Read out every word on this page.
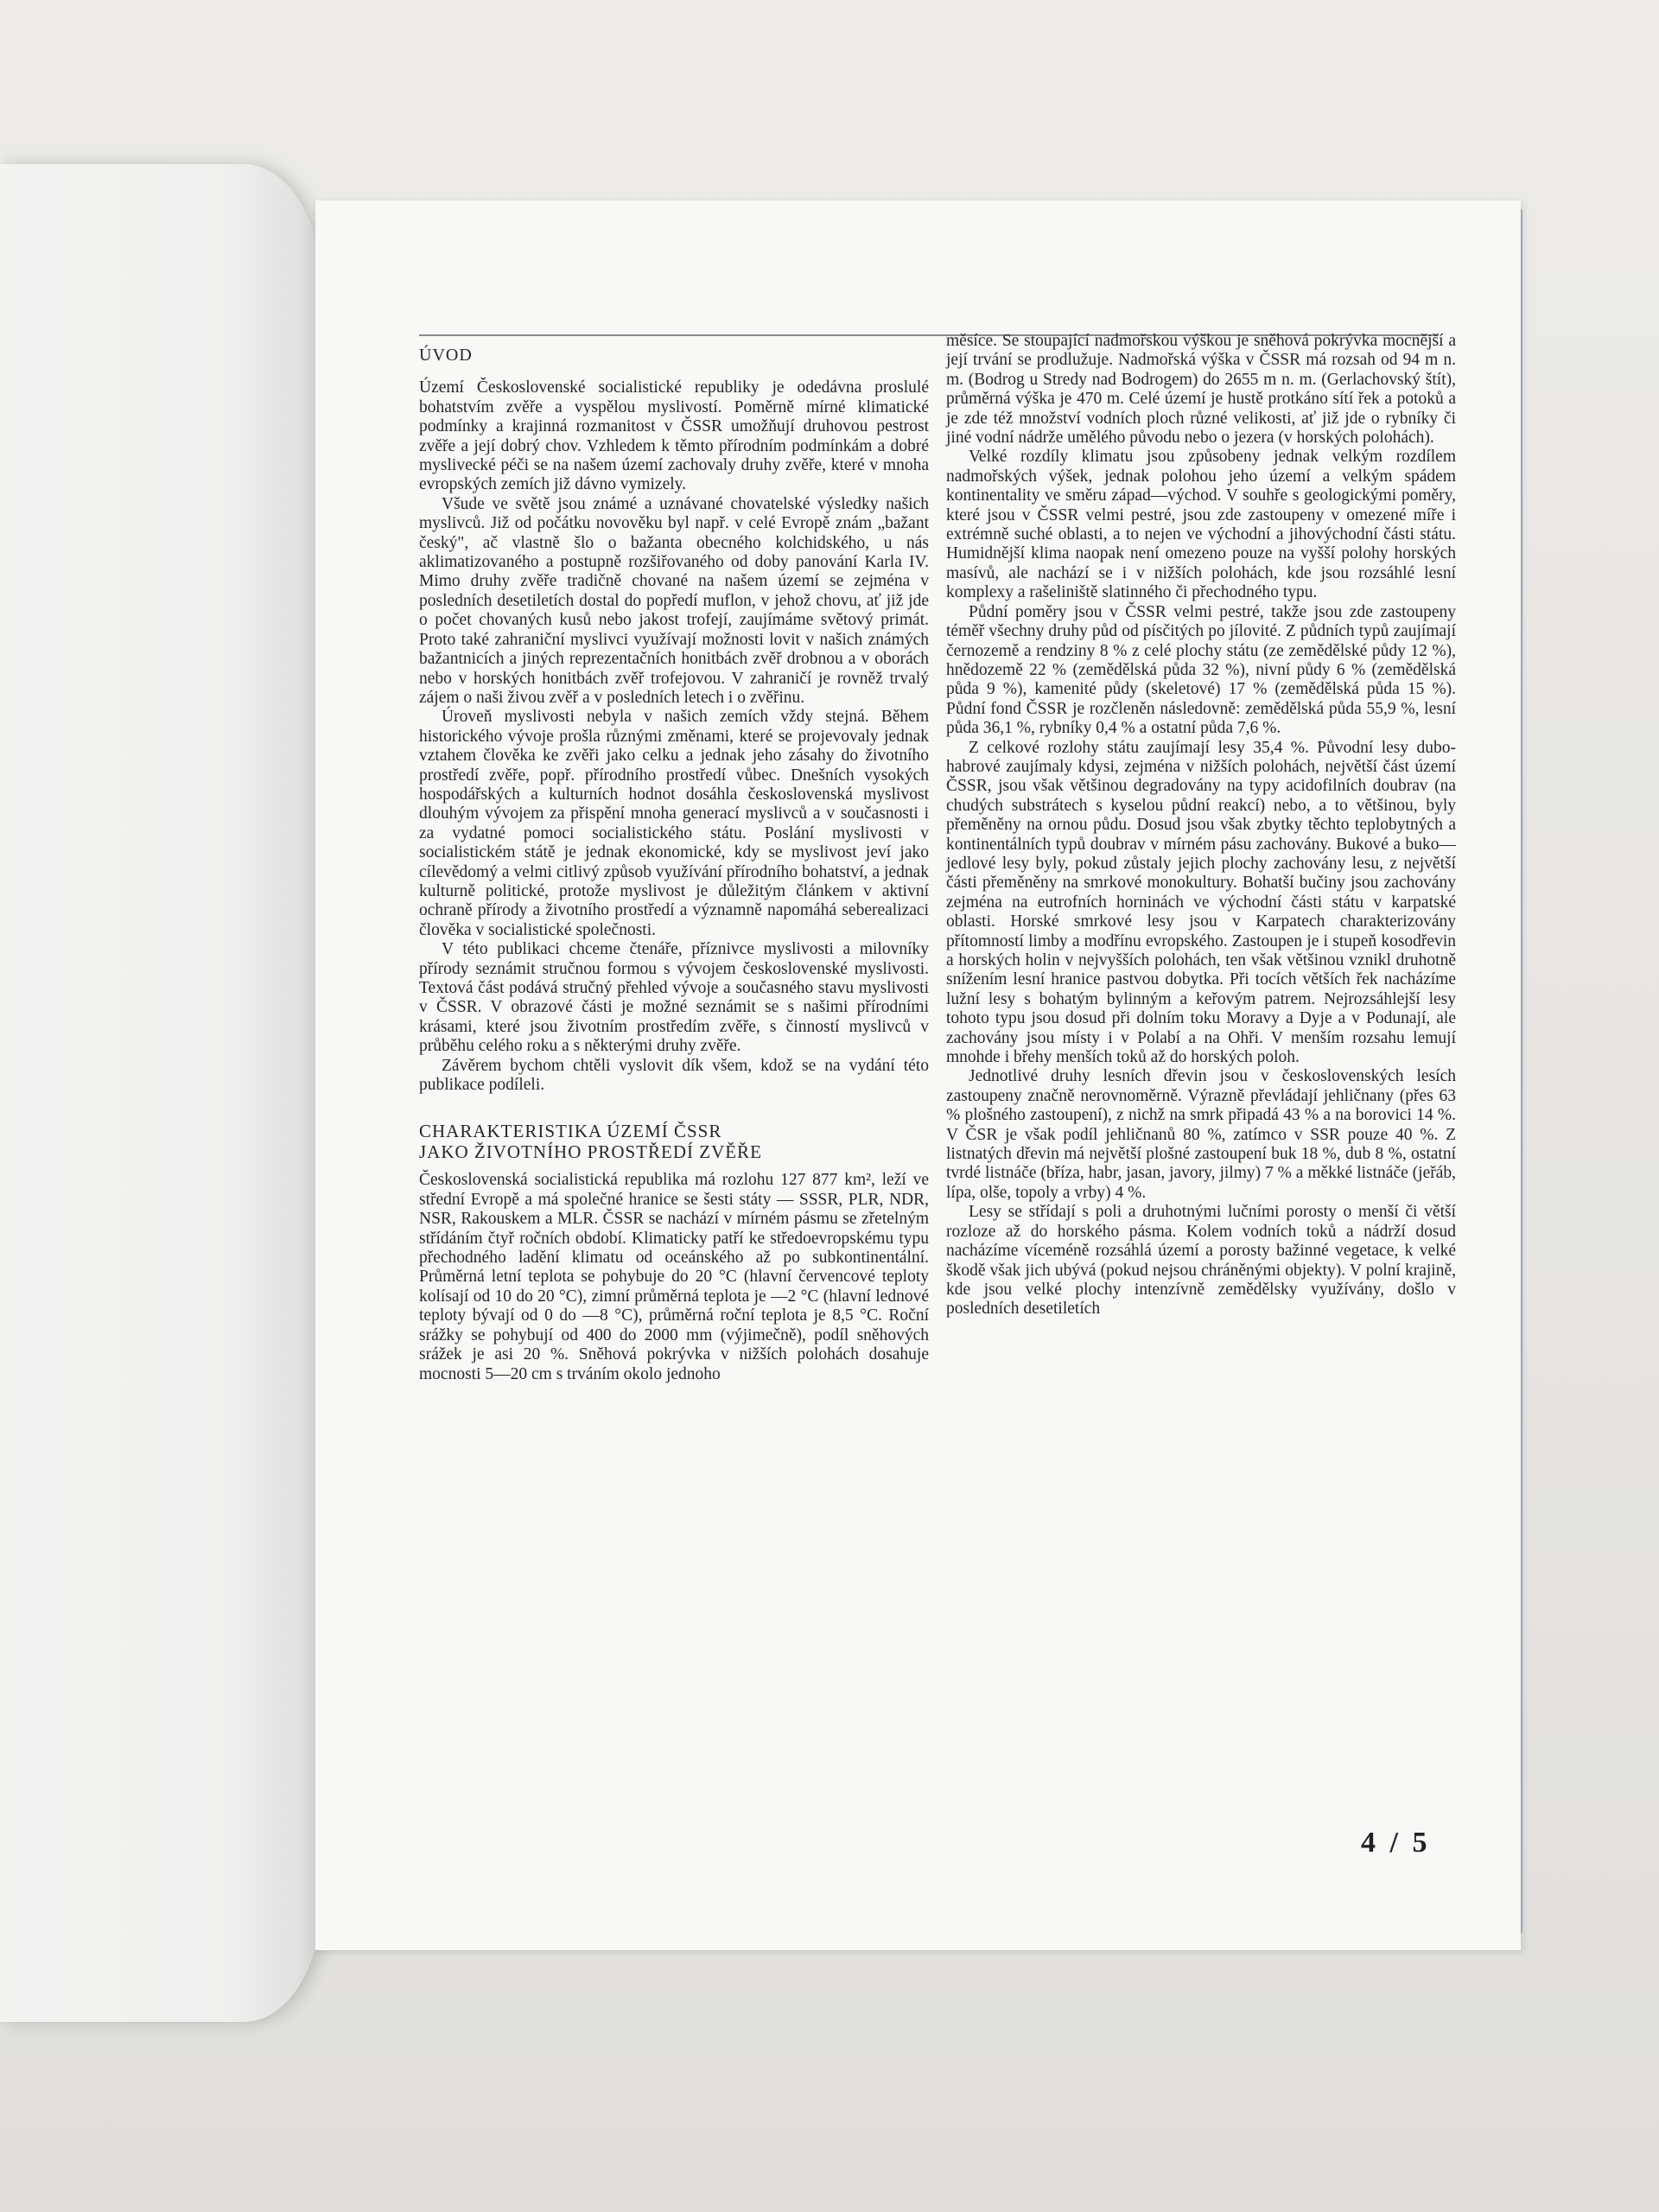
ÚVOD

Území Československé socialistické republiky je odedávna proslulé bohatstvím zvěře a vyspělou myslivostí. Poměrně mírné klimatické podmínky a krajinná rozmanitost v ČSSR umožňují druhovou pestrost zvěře a její dobrý chov. Vzhledem k těmto přírodním podmínkám a dobré myslivecké péči se na našem území zachovaly druhy zvěře, které v mnoha evropských zemích již dávno vymizely.

Všude ve světě jsou známé a uznávané chovatelské výsledky našich myslivců. Již od počátku novověku byl např. v celé Evropě znám „bažant český", ač vlastně šlo o bažanta obecného kolchidského, u nás aklimatizovaného a postupně rozšiřovaného od doby panování Karla IV. Mimo druhy zvěře tradičně chované na našem území se zejména v posledních desetiletích dostal do popředí muflon, v jehož chovu, ať již jde o počet chovaných kusů nebo jakost trofejí, zaujímáme světový primát. Proto také zahraniční myslivci využívají možnosti lovit v našich známých bažantnicích a jiných reprezentačních honitbách zvěř drobnou a v oborách nebo v horských honitbách zvěř trofejovou. V zahraničí je rovněž trvalý zájem o naši živou zvěř a v posledních letech i o zvěřinu.

Úroveň myslivosti nebyla v našich zemích vždy stejná. Během historického vývoje prošla různými změnami, které se projevovaly jednak vztahem člověka ke zvěři jako celku a jednak jeho zásahy do životního prostředí zvěře, popř. přírodního prostředí vůbec. Dnešních vysokých hospodářských a kulturních hodnot dosáhla československá myslivost dlouhým vývojem za přispění mnoha generací myslivců a v současnosti i za vydatné pomoci socialistického státu. Poslání myslivosti v socialistickém státě je jednak ekonomické, kdy se myslivost jeví jako cílevědomý a velmi citlivý způsob využívání přírodního bohatství, a jednak kulturně politické, protože myslivost je důležitým článkem v aktivní ochraně přírody a životního prostředí a významně napomáhá seberealizaci člověka v socialistické společnosti.

V této publikaci chceme čtenáře, příznivce myslivosti a milovníky přírody seznámit stručnou formou s vývojem československé myslivosti. Textová část podává stručný přehled vývoje a současného stavu myslivosti v ČSSR. V obrazové části je možné seznámit se s našimi přírodními krásami, které jsou životním prostředím zvěře, s činností myslivců v průběhu celého roku a s některými druhy zvěře.

Závěrem bychom chtěli vyslovit dík všem, kdož se na vydání této publikace podíleli.

CHARAKTERISTIKA ÚZEMÍ ČSSR
JAKO ŽIVOTNÍHO PROSTŘEDÍ ZVĚŘE

Československá socialistická republika má rozlohu 127 877 km², leží ve střední Evropě a má společné hranice se šesti státy — SSSR, PLR, NDR, NSR, Rakouskem a MLR. ČSSR se nachází v mírném pásmu se zřetelným střídáním čtyř ročních období. Klimaticky patří ke středoevropskému typu přechodného ladění klimatu od oceánského až po subkontinentální. Průměrná letní teplota se pohybuje do 20 °C (hlavní červencové teploty kolísají od 10 do 20 °C), zimní průměrná teplota je —2 °C (hlavní lednové teploty bývají od 0 do —8 °C), průměrná roční teplota je 8,5 °C. Roční srážky se pohybují od 400 do 2000 mm (výjimečně), podíl sněhových srážek je asi 20 %. Sněhová pokrývka v nižších polohách dosahuje mocnosti 5—20 cm s trváním okolo jednoho

měsíce. Se stoupající nadmořskou výškou je sněhová pokrývka mocnější a její trvání se prodlužuje. Nadmořská výška v ČSSR má rozsah od 94 m n. m. (Bodrog u Stredy nad Bodrogem) do 2655 m n. m. (Gerlachovský štít), průměrná výška je 470 m. Celé území je hustě protkáno sítí řek a potoků a je zde též množství vodních ploch různé velikosti, ať již jde o rybníky či jiné vodní nádrže umělého původu nebo o jezera (v horských polohách).

Velké rozdíly klimatu jsou způsobeny jednak velkým rozdílem nadmořských výšek, jednak polohou jeho území a velkým spádem kontinentality ve směru západ—východ. V souhře s geologickými poměry, které jsou v ČSSR velmi pestré, jsou zde zastoupeny v omezené míře i extrémně suché oblasti, a to nejen ve východní a jihovýchodní části státu. Humidnější klima naopak není omezeno pouze na vyšší polohy horských masívů, ale nachází se i v nižších polohách, kde jsou rozsáhlé lesní komplexy a rašeliniště slatinného či přechodného typu.

Půdní poměry jsou v ČSSR velmi pestré, takže jsou zde zastoupeny téměř všechny druhy půd od písčitých po jílovité. Z půdních typů zaujímají černozemě a rendziny 8 % z celé plochy státu (ze zemědělské půdy 12 %), hnědozemě 22 % (zemědělská půda 32 %), nivní půdy 6 % (zemědělská půda 9 %), kamenité půdy (skeletové) 17 % (zemědělská půda 15 %). Půdní fond ČSSR je rozčleněn následovně: zemědělská půda 55,9 %, lesní půda 36,1 %, rybníky 0,4 % a ostatní půda 7,6 %.

Z celkové rozlohy státu zaujímají lesy 35,4 %. Původní lesy dubo-habrové zaujímaly kdysi, zejména v nižších polohách, největší část území ČSSR, jsou však většinou degradovány na typy acidofilních doubrav (na chudých substrátech s kyselou půdní reakcí) nebo, a to většinou, byly přeměněny na ornou půdu. Dosud jsou však zbytky těchto teplobytných a kontinentálních typů doubrav v mírném pásu zachovány. Bukové a buko— jedlové lesy byly, pokud zůstaly jejich plochy zachovány lesu, z největší části přeměněny na smrkové monokultury. Bohatší bučiny jsou zachovány zejména na eutrofních horninách ve východní části státu v karpatské oblasti. Horské smrkové lesy jsou v Karpatech charakterizovány přítomností limby a modřínu evropského. Zastoupen je i stupeň kosodřevin a horských holin v nejvyšších polohách, ten však většinou vznikl druhotně snížením lesní hranice pastvou dobytka. Při tocích větších řek nacházíme lužní lesy s bohatým bylinným a keřovým patrem. Nejrozsáhlejší lesy tohoto typu jsou dosud při dolním toku Moravy a Dyje a v Podunají, ale zachovány jsou místy i v Polabí a na Ohři. V menším rozsahu lemují mnohde i břehy menších toků až do horských poloh.

Jednotlivé druhy lesních dřevin jsou v československých lesích zastoupeny značně nerovnoměrně. Výrazně převládají jehličnany (přes 63 % plošného zastoupení), z nichž na smrk připadá 43 % a na borovici 14 %. V ČSR je však podíl jehličnanů 80 %, zatímco v SSR pouze 40 %. Z listnatých dřevin má největší plošné zastoupení buk 18 %, dub 8 %, ostatní tvrdé listnáče (bříza, habr, jasan, javory, jilmy) 7 % a měkké listnáče (jeřáb, lípa, olše, topoly a vrby) 4 %.

Lesy se střídají s poli a druhotnými lučními porosty o menší či větší rozloze až do horského pásma. Kolem vodních toků a nádrží dosud nacházíme víceméně rozsáhlá území a porosty bažinné vegetace, k velké škodě však jich ubývá (pokud nejsou chráněnými objekty). V polní krajině, kde jsou velké plochy intenzívně zemědělsky využívány, došlo v posledních desetiletích

4 / 5
